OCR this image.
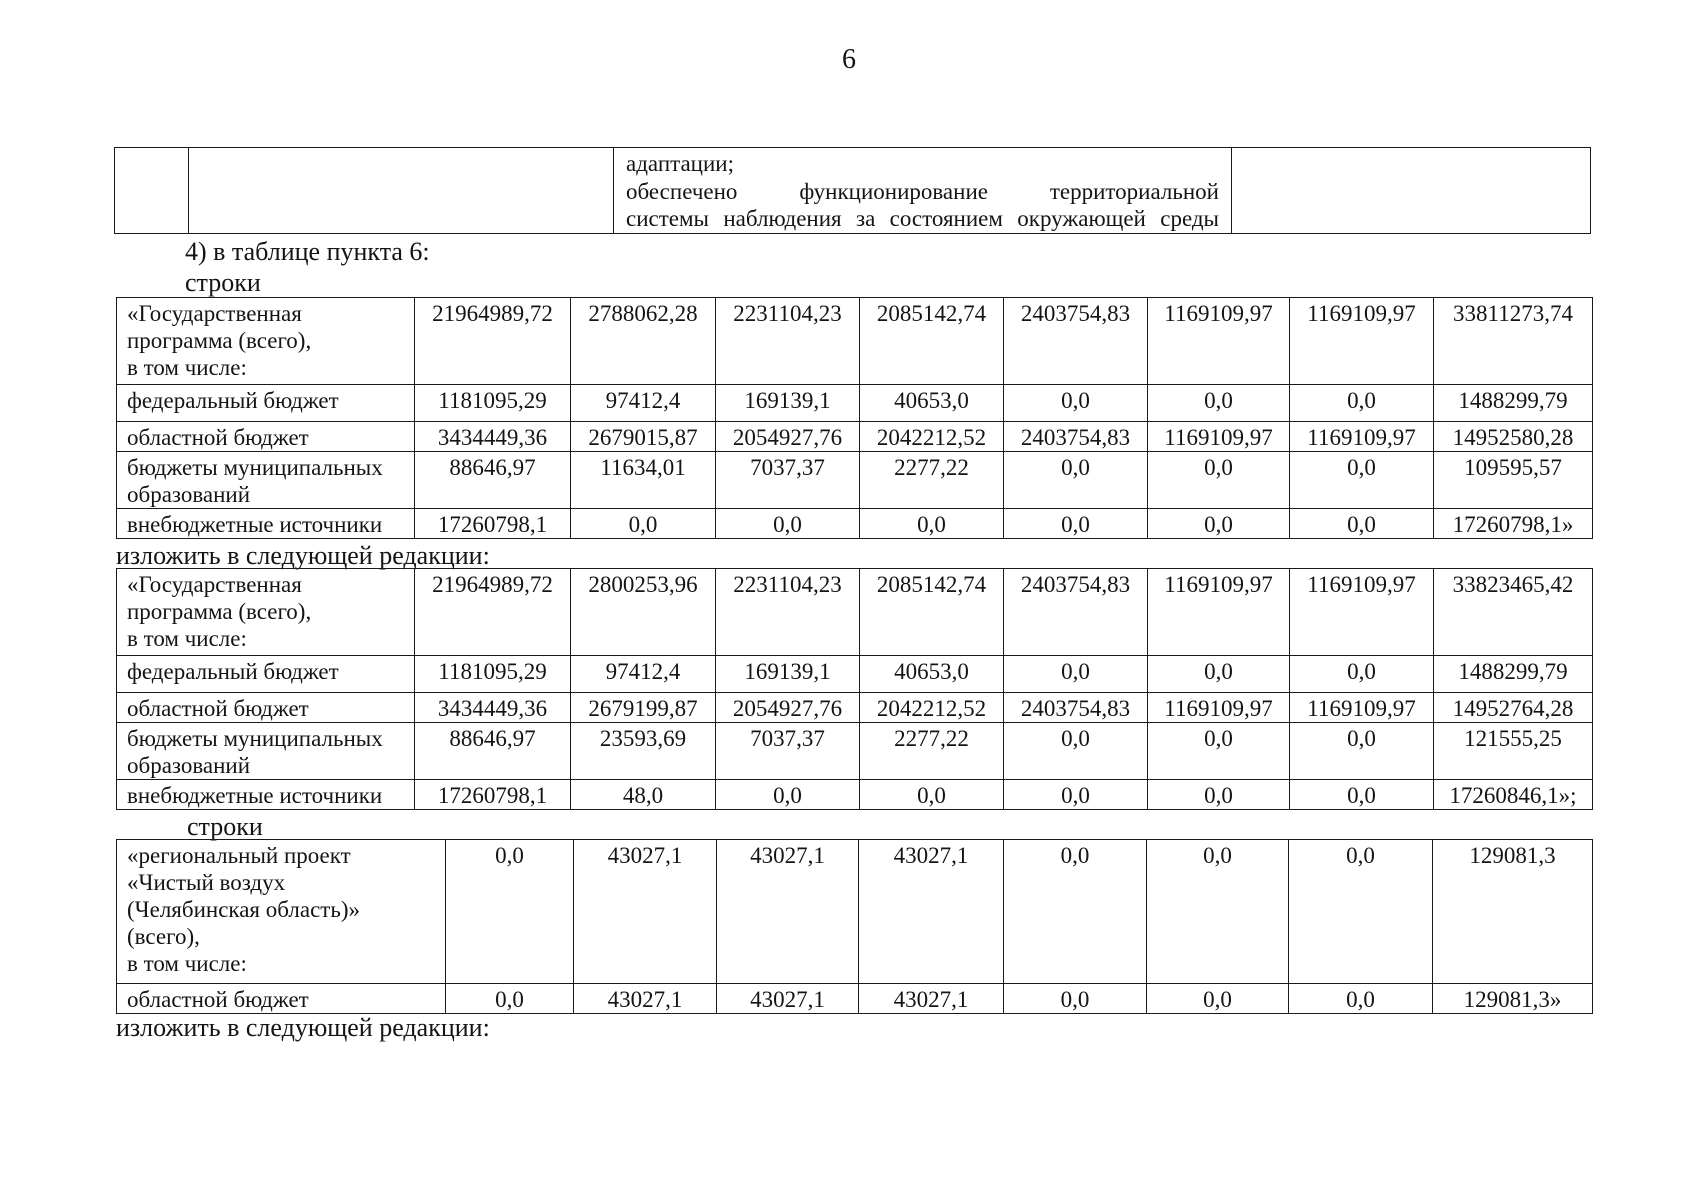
6

адаптации;
обеспечено функционирование территориальной
системы наблюдения за состоянием окружающей среды

4) в таблице пункта 6:
строки
«Государственная
программа (всего),
в том числе:	21964989,72	2788062,28	2231104,23	2085142,74	2403754,83	1169109,97	1169109,97	33811273,74
федеральный бюджет	1181095,29	97412,4	169139,1	40653,0	0,0	0,0	0,0	1488299,79
областной бюджет	3434449,36	2679015,87	2054927,76	2042212,52	2403754,83	1169109,97	1169109,97	14952580,28
бюджеты муниципальных
образований	88646,97	11634,01	7037,37	2277,22	0,0	0,0	0,0	109595,57
внебюджетные источники	17260798,1	0,0	0,0	0,0	0,0	0,0	0,0	17260798,1»
изложить в следующей редакции:
«Государственная
программа (всего),
в том числе:	21964989,72	2800253,96	2231104,23	2085142,74	2403754,83	1169109,97	1169109,97	33823465,42
федеральный бюджет	1181095,29	97412,4	169139,1	40653,0	0,0	0,0	0,0	1488299,79
областной бюджет	3434449,36	2679199,87	2054927,76	2042212,52	2403754,83	1169109,97	1169109,97	14952764,28
бюджеты муниципальных
образований	88646,97	23593,69	7037,37	2277,22	0,0	0,0	0,0	121555,25
внебюджетные источники	17260798,1	48,0	0,0	0,0	0,0	0,0	0,0	17260846,1»;
строки
«региональный проект
«Чистый воздух
(Челябинская область)»
(всего),
в том числе:	0,0	43027,1	43027,1	43027,1	0,0	0,0	0,0	129081,3
областной бюджет	0,0	43027,1	43027,1	43027,1	0,0	0,0	0,0	129081,3»
изложить в следующей редакции:
